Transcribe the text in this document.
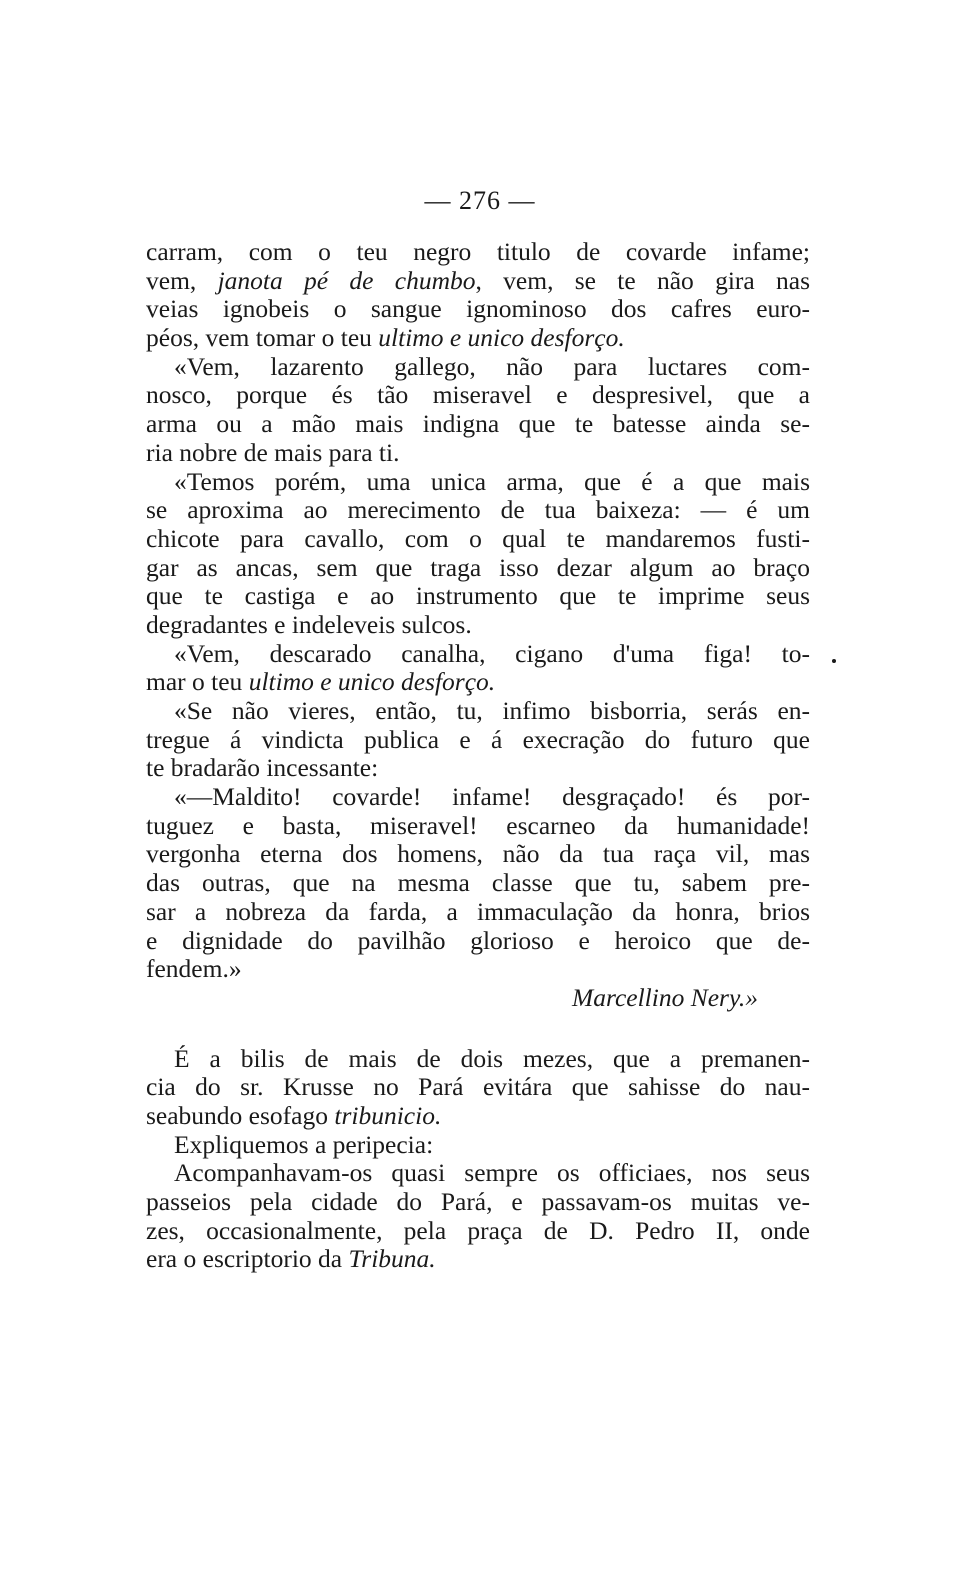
— 276 —
carram, com o teu negro titulo de covarde infame;
vem, janota pé de chumbo, vem, se te não gira nas
veias ignobeis o sangue ignominoso dos cafres euro-
péos, vem tomar o teu ultimo e unico desforço.
«Vem, lazarento gallego, não para luctares com-
nosco, porque és tão miseravel e despresivel, que a
arma ou a mão mais indigna que te batesse ainda se-
ria nobre de mais para ti.
«Temos porém, uma unica arma, que é a que mais
se aproxima ao merecimento de tua baixeza: — é um
chicote para cavallo, com o qual te mandaremos fusti-
gar as ancas, sem que traga isso dezar algum ao braço
que te castiga e ao instrumento que te imprime seus
degradantes e indeleveis sulcos.
«Vem, descarado canalha, cigano d'uma figa! to-
mar o teu ultimo e unico desforço.
«Se não vieres, então, tu, infimo bisborria, serás en-
tregue á vindicta publica e á execração do futuro que
te bradarão incessante:
«—Maldito! covarde! infame! desgraçado! és por-
tuguez e basta, miseravel! escarneo da humanidade!
vergonha eterna dos homens, não da tua raça vil, mas
das outras, que na mesma classe que tu, sabem pre-
sar a nobreza da farda, a immaculação da honra, brios
e dignidade do pavilhão glorioso e heroico que de-
fendem.»
Marcellino Nery.»
É a bilis de mais de dois mezes, que a premanen-
cia do sr. Krusse no Pará evitára que sahisse do nau-
seabundo esofago tribunicio.
Expliquemos a peripecia:
Acompanhavam-os quasi sempre os officiaes, nos seus
passeios pela cidade do Pará, e passavam-os muitas ve-
zes, occasionalmente, pela praça de D. Pedro II, onde
era o escriptorio da Tribuna.
